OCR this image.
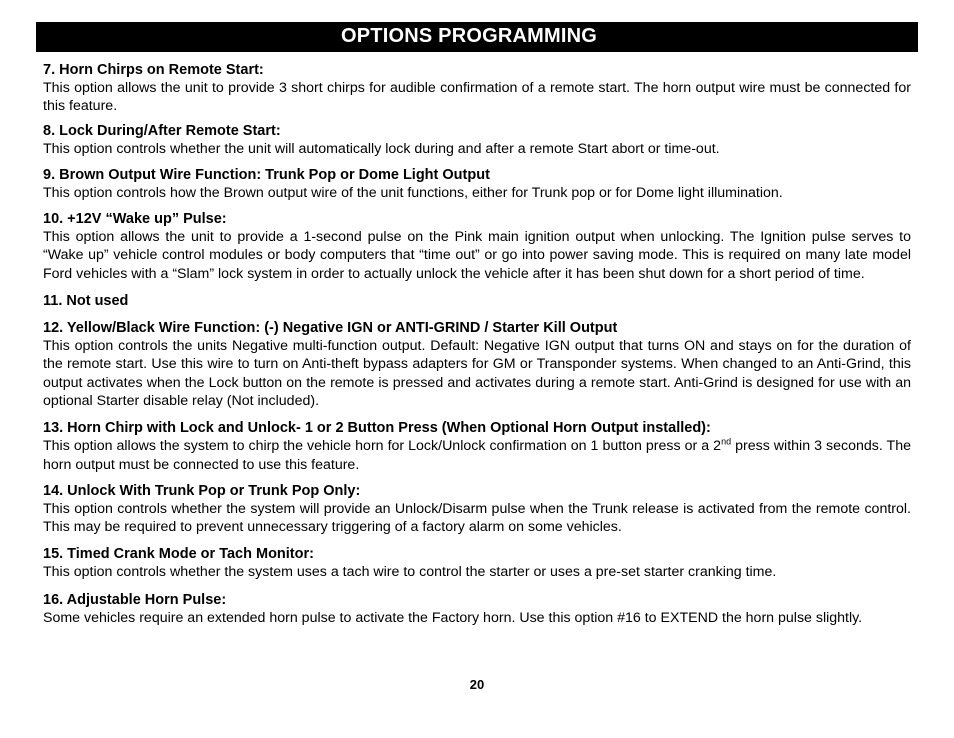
OPTIONS PROGRAMMING
7. Horn Chirps on Remote Start:

This option allows the unit to provide 3 short chirps for audible confirmation of a remote start. The horn output wire must be connected for this feature.

8. Lock During/After Remote Start:

This option controls whether the unit will automatically lock during and after a remote Start abort or time-out.

9. Brown Output Wire Function: Trunk Pop or Dome Light Output

This option controls how the Brown output wire of the unit functions, either for Trunk pop or for Dome light illumination.

10. +12V “Wake up” Pulse:

This option allows the unit to provide a 1-second pulse on the Pink main ignition output when unlocking. The Ignition pulse serves to “Wake up” vehicle control modules or body computers that “time out” or go into power saving mode. This is required on many late model Ford vehicles with a “Slam” lock system in order to actually unlock the vehicle after it has been shut down for a short period of time.

11. Not used
12. Yellow/Black Wire Function: (-) Negative IGN or ANTI-GRIND / Starter Kill Output

This option controls the units Negative multi-function output. Default: Negative IGN output that turns ON and stays on for the duration of the remote start. Use this wire to turn on Anti-theft bypass adapters for GM or Transponder systems. When changed to an Anti-Grind, this output activates when the Lock button on the remote is pressed and activates during a remote start. Anti-Grind is designed for use with an optional Starter disable relay (Not included).

13. Horn Chirp with Lock and Unlock- 1 or 2 Button Press (When Optional Horn Output installed):

This option allows the system to chirp the vehicle horn for Lock/Unlock confirmation on 1 button press or a 2nd press within 3 seconds. The horn output must be connected to use this feature.

14. Unlock With Trunk Pop or Trunk Pop Only:

This option controls whether the system will provide an Unlock/Disarm pulse when the Trunk release is activated from the remote control. This may be required to prevent unnecessary triggering of a factory alarm on some vehicles.

15. Timed Crank Mode or Tach Monitor:

This option controls whether the system uses a tach wire to control the starter or uses a pre-set starter cranking time.

16. Adjustable Horn Pulse:

Some vehicles require an extended horn pulse to activate the Factory horn. Use this option #16 to EXTEND the horn pulse slightly.

20
